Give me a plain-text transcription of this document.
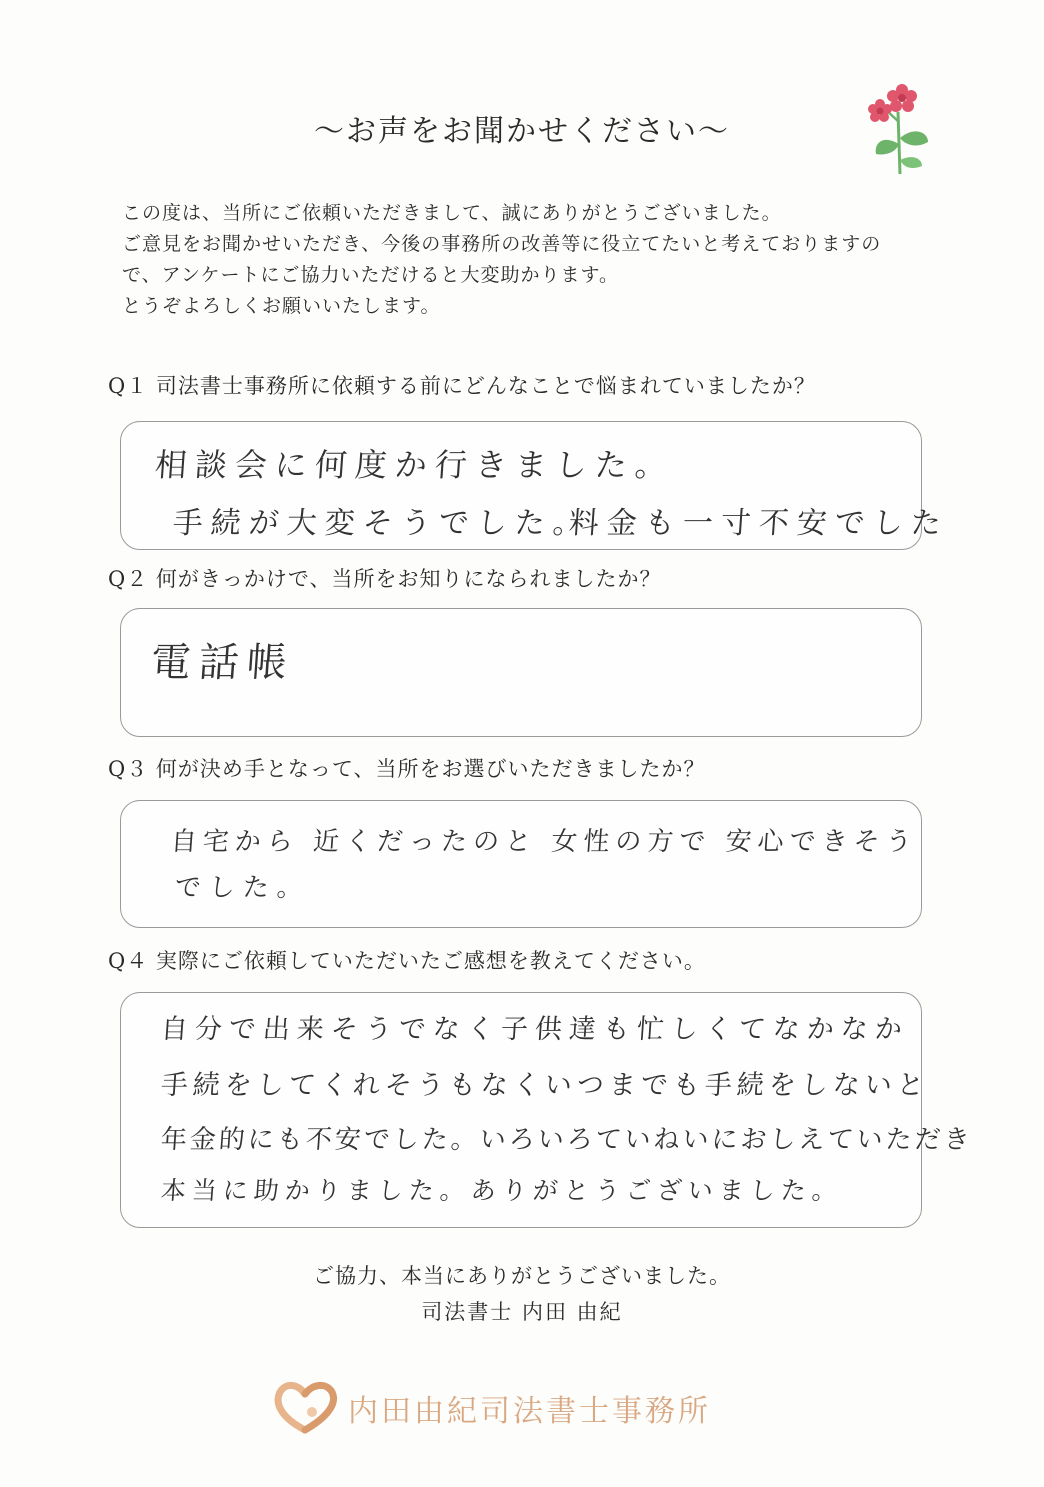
〜お声をお聞かせください〜
この度は、当所にご依頼いただきまして、誠にありがとうございました。
ご意見をお聞かせいただき、今後の事務所の改善等に役立てたいと考えておりますの
で、アンケートにご協力いただけると大変助かります。
とうぞよろしくお願いいたします。
Q１ 司法書士事務所に依頼する前にどんなことで悩まれていましたか？
相談会に何度か行きました。
手続が大変そうでした。
料金も一寸不安でした
Q２ 何がきっかけで、当所をお知りになられましたか？
電話帳
Q３ 何が決め手となって、当所をお選びいただきましたか？
自宅から 近くだったのと 女性の方で 安心できそう
でした。
Q４ 実際にご依頼していただいたご感想を教えてください。
自分で出来そうでなく子供達も忙しくてなかなか
手続をしてくれそうもなくいつまでも手続をしないと
年金的にも不安でした。いろいろていねいにおしえていただき
本当に助かりました。ありがとうございました。
ご協力、本当にありがとうございました。
司法書士 内田 由紀
内田由紀司法書士事務所
